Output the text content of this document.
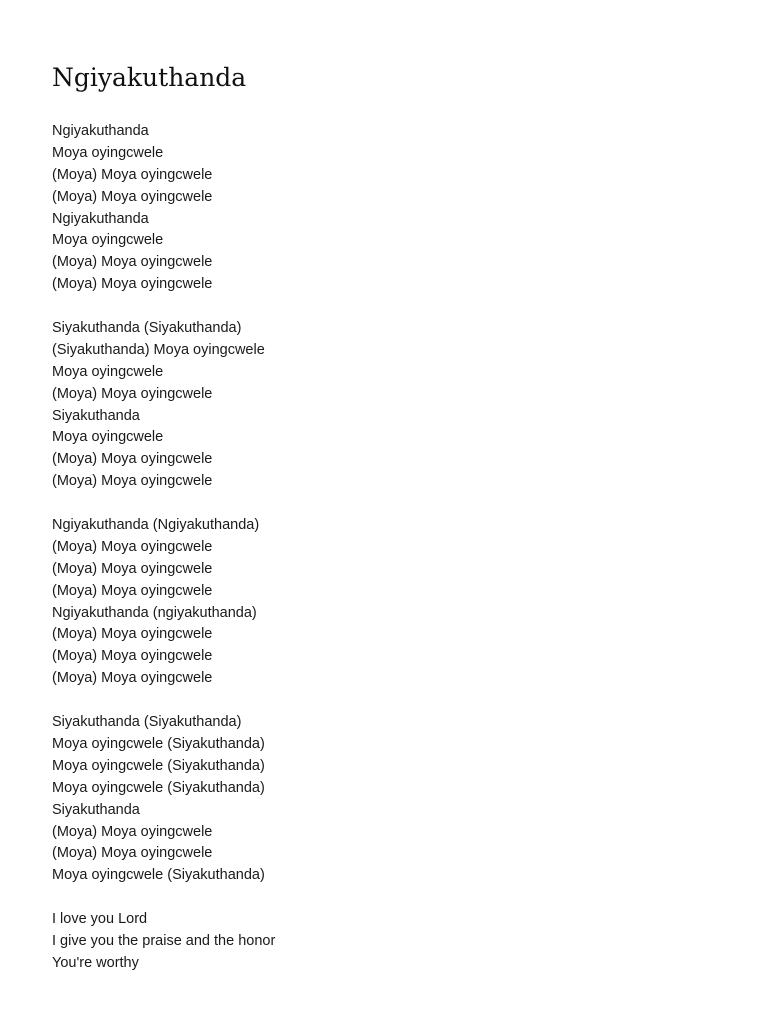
Ngiyakuthanda
Ngiyakuthanda
Moya oyingcwele
(Moya) Moya oyingcwele
(Moya) Moya oyingcwele
Ngiyakuthanda
Moya oyingcwele
(Moya) Moya oyingcwele
(Moya) Moya oyingcwele
Siyakuthanda (Siyakuthanda)
(Siyakuthanda) Moya oyingcwele
Moya oyingcwele
(Moya) Moya oyingcwele
Siyakuthanda
Moya oyingcwele
(Moya) Moya oyingcwele
(Moya) Moya oyingcwele
Ngiyakuthanda (Ngiyakuthanda)
(Moya) Moya oyingcwele
(Moya) Moya oyingcwele
(Moya) Moya oyingcwele
Ngiyakuthanda (ngiyakuthanda)
(Moya) Moya oyingcwele
(Moya) Moya oyingcwele
(Moya) Moya oyingcwele
Siyakuthanda (Siyakuthanda)
Moya oyingcwele (Siyakuthanda)
Moya oyingcwele (Siyakuthanda)
Moya oyingcwele (Siyakuthanda)
Siyakuthanda
(Moya) Moya oyingcwele
(Moya) Moya oyingcwele
Moya oyingcwele (Siyakuthanda)
I love you Lord
I give you the praise and the honor
You're worthy
